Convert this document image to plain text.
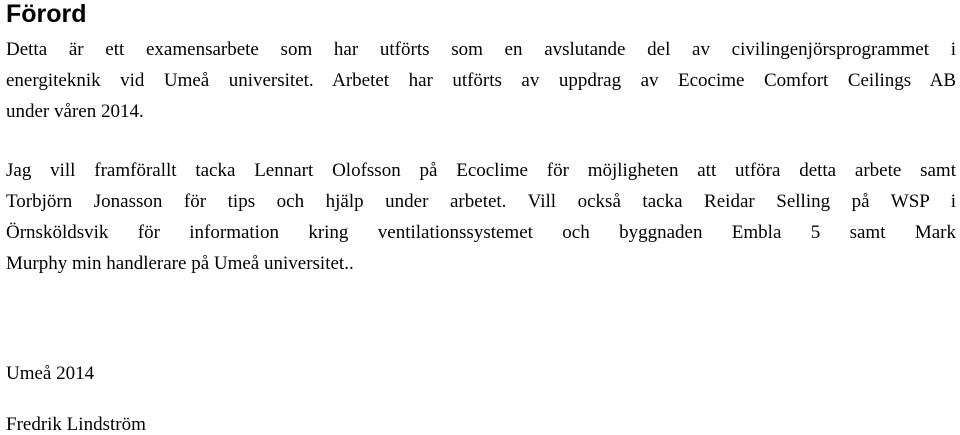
Förord
Detta är ett examensarbete som har utförts som en avslutande del av civilingenjörsprogrammet i
energiteknik vid Umeå universitet. Arbetet har utförts av uppdrag av Ecocime Comfort Ceilings AB
under våren 2014.
Jag vill framförallt tacka Lennart Olofsson på Ecoclime för möjligheten att utföra detta arbete samt
Torbjörn Jonasson för tips och hjälp under arbetet. Vill också tacka Reidar Selling på WSP i
Örnsköldsvik för information kring ventilationssystemet och byggnaden Embla 5 samt Mark
Murphy min handlerare på Umeå universitet..

Umeå 2014

Fredrik Lindström
